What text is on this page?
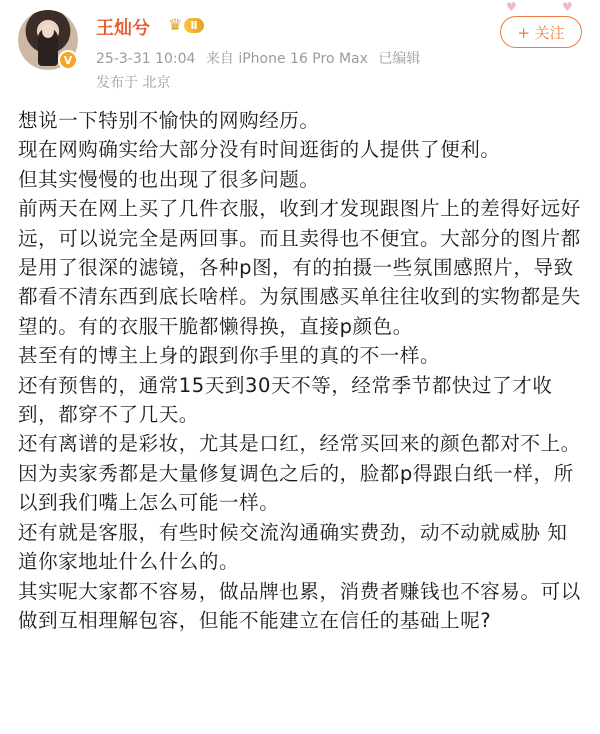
V
王灿兮 ♛ Ⅱ
25-3-31 10:04 来自 iPhone 16 Pro Max 已编辑
发布于 北京
♥	♥
+ 关注

想说一下特别不愉快的网购经历。

现在网购确实给大部分没有时间逛街的人提供了便利。

但其实慢慢的也出现了很多问题。

前两天在网上买了几件衣服，收到才发现跟图片上的差得好远好远，可以说完全是两回事。而且卖得也不便宜。大部分的图片都是用了很深的滤镜，各种p图，有的拍摄一些氛围感照片，导致都看不清东西到底长啥样。为氛围感买单往往收到的实物都是失望的。有的衣服干脆都懒得换，直接p颜色。

甚至有的博主上身的跟到你手里的真的不一样。

还有预售的，通常15天到30天不等，经常季节都快过了才收到，都穿不了几天。

还有离谱的是彩妆，尤其是口红，经常买回来的颜色都对不上。因为卖家秀都是大量修复调色之后的，脸都p得跟白纸一样，所以到我们嘴上怎么可能一样。

还有就是客服，有些时候交流沟通确实费劲，动不动就威胁 知道你家地址什么什么的。

其实呢大家都不容易，做品牌也累，消费者赚钱也不容易。可以做到互相理解包容，但能不能建立在信任的基础上呢?
